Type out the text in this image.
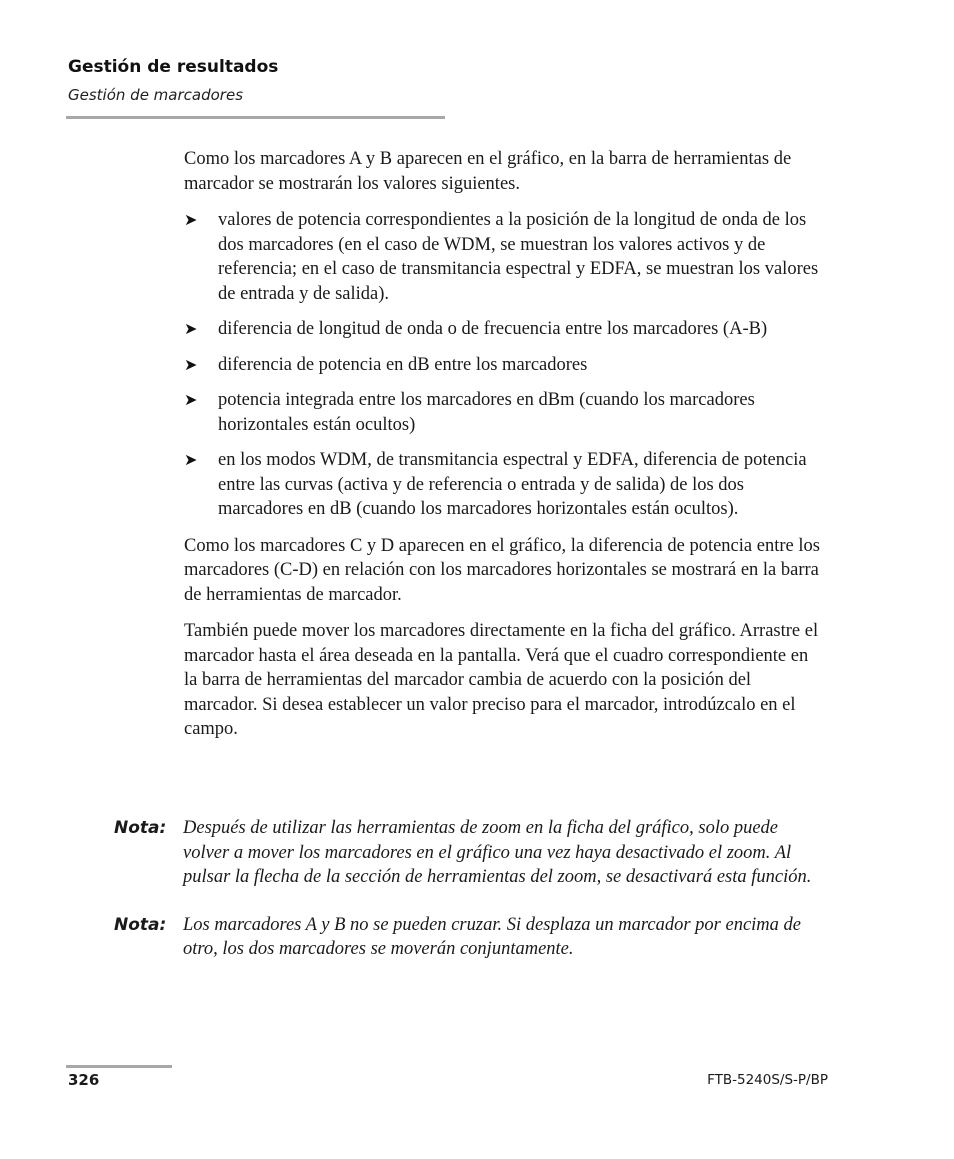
Gestión de resultados

Gestión de marcadores

Como los marcadores A y B aparecen en el gráfico, en la barra de herramientas de marcador se mostrarán los valores siguientes.

➤ valores de potencia correspondientes a la posición de la longitud de onda de los dos marcadores (en el caso de WDM, se muestran los valores activos y de referencia; en el caso de transmitancia espectral y EDFA, se muestran los valores de entrada y de salida).
➤ diferencia de longitud de onda o de frecuencia entre los marcadores (A-B)
➤ diferencia de potencia en dB entre los marcadores
➤ potencia integrada entre los marcadores en dBm (cuando los marcadores horizontales están ocultos)
➤ en los modos WDM, de transmitancia espectral y EDFA, diferencia de potencia entre las curvas (activa y de referencia o entrada y de salida) de los dos marcadores en dB (cuando los marcadores horizontales están ocultos).

Como los marcadores C y D aparecen en el gráfico, la diferencia de potencia entre los marcadores (C-D) en relación con los marcadores horizontales se mostrará en la barra de herramientas de marcador.

También puede mover los marcadores directamente en la ficha del gráfico. Arrastre el marcador hasta el área deseada en la pantalla. Verá que el cuadro correspondiente en la barra de herramientas del marcador cambia de acuerdo con la posición del marcador. Si desea establecer un valor preciso para el marcador, introdúzcalo en el campo.

Nota: Después de utilizar las herramientas de zoom en la ficha del gráfico, solo puede volver a mover los marcadores en el gráfico una vez haya desactivado el zoom. Al pulsar la flecha de la sección de herramientas del zoom, se desactivará esta función.
Nota: Los marcadores A y B no se pueden cruzar. Si desplaza un marcador por encima de otro, los dos marcadores se moverán conjuntamente.
326	FTB-5240S/S-P/BP
